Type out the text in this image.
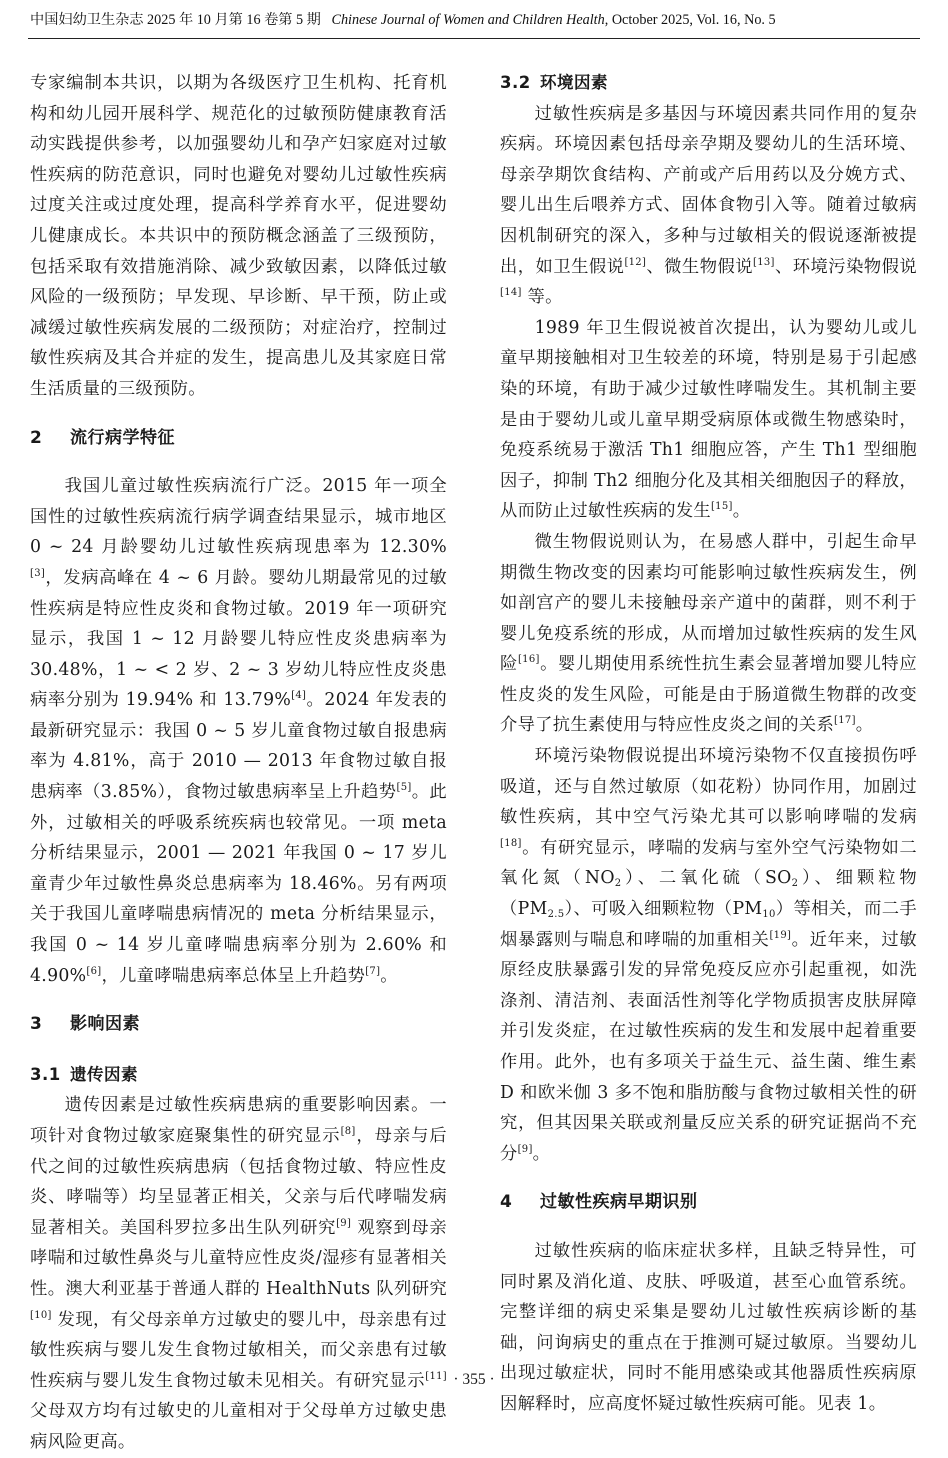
中国妇幼卫生杂志 2025 年 10 月第 16 卷第 5 期 Chinese Journal of Women and Children Health, October 2025, Vol. 16, No. 5

专家编制本共识，以期为各级医疗卫生机构、托育机构和幼儿园开展科学、规范化的过敏预防健康教育活动实践提供参考，以加强婴幼儿和孕产妇家庭对过敏性疾病的防范意识，同时也避免对婴幼儿过敏性疾病过度关注或过度处理，提高科学养育水平，促进婴幼儿健康成长。本共识中的预防概念涵盖了三级预防，包括采取有效措施消除、减少致敏因素，以降低过敏风险的一级预防；早发现、早诊断、早干预，防止或减缓过敏性疾病发展的二级预防；对症治疗，控制过敏性疾病及其合并症的发生，提高患儿及其家庭日常生活质量的三级预防。

2 流行病学特征

我国儿童过敏性疾病流行广泛。2015 年一项全国性的过敏性疾病流行病学调查结果显示，城市地区 0 ~ 24 月龄婴幼儿过敏性疾病现患率为 12.30%[3]，发病高峰在 4 ~ 6 月龄。婴幼儿期最常见的过敏性疾病是特应性皮炎和食物过敏。2019 年一项研究显示，我国 1 ~ 12 月龄婴儿特应性皮炎患病率为 30.48%，1 ~ < 2 岁、2 ~ 3 岁幼儿特应性皮炎患病率分别为 19.94% 和 13.79%[4]。2024 年发表的最新研究显示：我国 0 ~ 5 岁儿童食物过敏自报患病率为 4.81%，高于 2010 — 2013 年食物过敏自报患病率（3.85%），食物过敏患病率呈上升趋势[5]。此外，过敏相关的呼吸系统疾病也较常见。一项 meta 分析结果显示，2001 — 2021 年我国 0 ~ 17 岁儿童青少年过敏性鼻炎总患病率为 18.46%。另有两项关于我国儿童哮喘患病情况的 meta 分析结果显示，我国 0 ~ 14 岁儿童哮喘患病率分别为 2.60% 和 4.90%[6]，儿童哮喘患病率总体呈上升趋势[7]。

3 影响因素
3.1 遗传因素

遗传因素是过敏性疾病患病的重要影响因素。一项针对食物过敏家庭聚集性的研究显示[8]，母亲与后代之间的过敏性疾病患病（包括食物过敏、特应性皮炎、哮喘等）均呈显著正相关，父亲与后代哮喘发病显著相关。美国科罗拉多出生队列研究[9] 观察到母亲哮喘和过敏性鼻炎与儿童特应性皮炎/湿疹有显著相关性。澳大利亚基于普通人群的 HealthNuts 队列研究[10] 发现，有父母亲单方过敏史的婴儿中，母亲患有过敏性疾病与婴儿发生食物过敏相关，而父亲患有过敏性疾病与婴儿发生食物过敏未见相关。有研究显示[11] 父母双方均有过敏史的儿童相对于父母单方过敏史患病风险更高。

3.2 环境因素

过敏性疾病是多基因与环境因素共同作用的复杂疾病。环境因素包括母亲孕期及婴幼儿的生活环境、母亲孕期饮食结构、产前或产后用药以及分娩方式、婴儿出生后喂养方式、固体食物引入等。随着过敏病因机制研究的深入，多种与过敏相关的假说逐渐被提出，如卫生假说[12]、微生物假说[13]、环境污染物假说[14] 等。

1989 年卫生假说被首次提出，认为婴幼儿或儿童早期接触相对卫生较差的环境，特别是易于引起感染的环境，有助于减少过敏性哮喘发生。其机制主要是由于婴幼儿或儿童早期受病原体或微生物感染时，免疫系统易于激活 Th1 细胞应答，产生 Th1 型细胞因子，抑制 Th2 细胞分化及其相关细胞因子的释放，从而防止过敏性疾病的发生[15]。

微生物假说则认为，在易感人群中，引起生命早期微生物改变的因素均可能影响过敏性疾病发生，例如剖宫产的婴儿未接触母亲产道中的菌群，则不利于婴儿免疫系统的形成，从而增加过敏性疾病的发生风险[16]。婴儿期使用系统性抗生素会显著增加婴儿特应性皮炎的发生风险，可能是由于肠道微生物群的改变介导了抗生素使用与特应性皮炎之间的关系[17]。

环境污染物假说提出环境污染物不仅直接损伤呼吸道，还与自然过敏原（如花粉）协同作用，加剧过敏性疾病，其中空气污染尤其可以影响哮喘的发病[18]。有研究显示，哮喘的发病与室外空气污染物如二氧化氮$(NO_2)$、二氧化硫$(SO_2)$、细颗粒物$(PM_{2.5})$、可吸入细颗粒物$(PM_{10})$等相关，而二手烟暴露则与喘息和哮喘的加重相关[19]。近年来，过敏原经皮肤暴露引发的异常免疫反应亦引起重视，如洗涤剂、清洁剂、表面活性剂等化学物质损害皮肤屏障并引发炎症，在过敏性疾病的发生和发展中起着重要作用。此外，也有多项关于益生元、益生菌、维生素 D 和欧米伽 3 多不饱和脂肪酸与食物过敏相关性的研究，但其因果关联或剂量反应关系的研究证据尚不充分[9]。

4 过敏性疾病早期识别

过敏性疾病的临床症状多样，且缺乏特异性，可同时累及消化道、皮肤、呼吸道，甚至心血管系统。完整详细的病史采集是婴幼儿过敏性疾病诊断的基础，问询病史的重点在于推测可疑过敏原。当婴幼儿出现过敏症状，同时不能用感染或其他器质性疾病原因解释时，应高度怀疑过敏性疾病可能。见表 1。

· 355 ·
